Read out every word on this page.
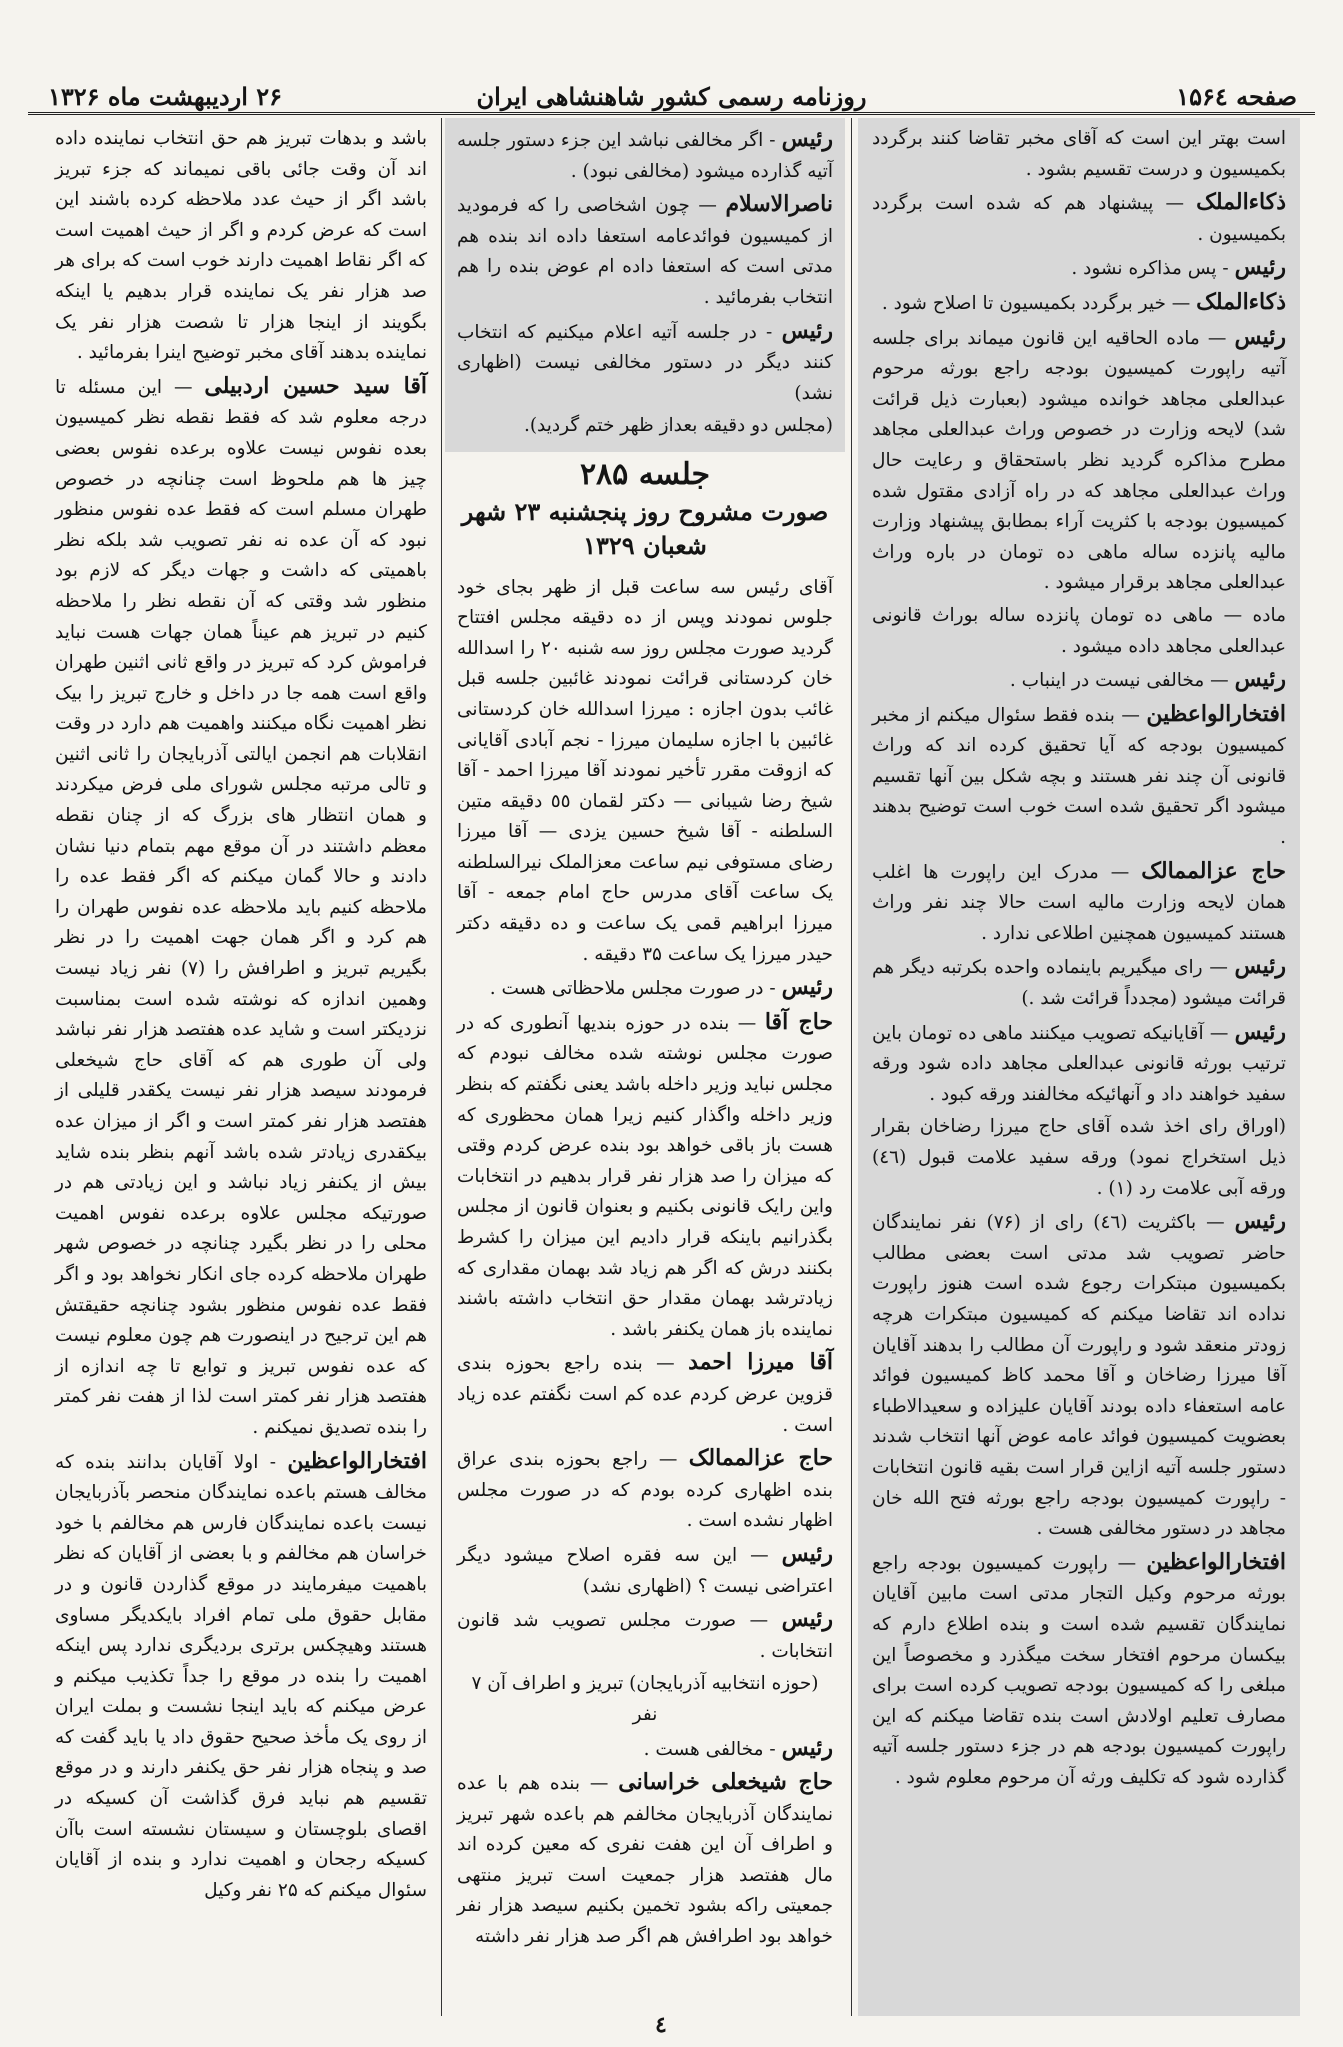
صفحه ۱۵۶٤
روزنامه رسمی کشور شاهنشاهی ایران
۲۶ اردیبهشت ماه ۱۳۲۶

است بهتر این است که آقای مخبر تقاضا کنند برگردد بکمیسیون و درست تقسیم بشود .

ذکاءالملک — پیشنهاد هم که شده است برگردد بکمیسیون .

رئیس - پس مذاکره نشود .

ذکاءالملک — خیر برگردد بکمیسیون تا اصلاح شود .

رئیس — ماده الحاقیه این قانون میماند برای جلسه آتیه راپورت کمیسیون بودجه راجع بورثه مرحوم عبدالعلی مجاهد خوانده میشود (بعبارت ذیل قرائت شد) لایحه وزارت در خصوص وراث عبدالعلی مجاهد مطرح مذاکره گردید نظر باستحقاق و رعایت حال وراث عبدالعلی مجاهد که در راه آزادی مقتول شده کمیسیون بودجه با کثریت آراء بمطابق پیشنهاد وزارت مالیه پانزده ساله ماهی ده تومان در باره وراث عبدالعلی مجاهد برقرار میشود .

ماده — ماهی ده تومان پانزده ساله بوراث قانونی عبدالعلی مجاهد داده میشود .

رئیس — مخالفی نیست در اینباب .

افتخارالواعظین — بنده فقط سئوال میکنم از مخبر کمیسیون بودجه که آیا تحقیق کرده اند که وراث قانونی آن چند نفر هستند و بچه شکل بین آنها تقسیم میشود اگر تحقیق شده است خوب است توضیح بدهند .

حاج عزالممالک — مدرک این راپورت ها اغلب همان لایحه وزارت مالیه است حالا چند نفر وراث هستند کمیسیون همچنین اطلاعی ندارد .

رئیس — رای میگیریم باینماده واحده بکرتبه دیگر هم قرائت میشود (مجدداً قرائت شد .)

رئیس — آقایانیکه تصویب میکنند ماهی ده تومان باین ترتیب بورثه قانونی عبدالعلی مجاهد داده شود ورقه سفید خواهند داد و آنهائیکه مخالفند ورقه کبود .

(اوراق رای اخذ شده آقای حاج میرزا رضاخان بقرار ذیل استخراج نمود) ورقه سفید علامت قبول (٤٦) ورقه آبی علامت رد (۱) .

رئیس — باکثریت (٤٦) رای از (۷۶) نفر نمایندگان حاضر تصویب شد مدتی است بعضی مطالب بکمیسیون مبتکرات رجوع شده است هنوز راپورت نداده اند تقاضا میکنم که کمیسیون مبتکرات هرچه زودتر منعقد شود و راپورت آن مطالب را بدهند آقایان آقا میرزا رضاخان و آقا محمد کاظ کمیسیون فوائد عامه استعفاء داده بودند آقایان علیزاده و سعیدالاطباء بعضویت کمیسیون فوائد عامه عوض آنها انتخاب شدند دستور جلسه آتیه ازاین قرار است بقیه قانون انتخابات - راپورت کمیسیون بودجه راجع بورثه فتح الله خان مجاهد در دستور مخالفی هست .

افتخارالواعظین — راپورت کمیسیون بودجه راجع بورثه مرحوم وکیل التجار مدتی است مابین آقایان نمایندگان تقسیم شده است و بنده اطلاع دارم که بیکسان مرحوم افتخار سخت میگذرد و مخصوصاً این مبلغی را که کمیسیون بودجه تصویب کرده است برای مصارف تعلیم اولادش است بنده تقاضا میکنم که این راپورت کمیسیون بودجه هم در جزء دستور جلسه آتیه گذارده شود که تکلیف ورثه آن مرحوم معلوم شود .

رئیس - اگر مخالفی نباشد این جزء دستور جلسه آتیه گذارده میشود (مخالفی نبود) .

ناصرالاسلام — چون اشخاصی را که فرمودید از کمیسیون فوائدعامه استعفا داده اند بنده هم مدتی است که استعفا داده ام عوض بنده را هم انتخاب بفرمائید .

رئیس - در جلسه آتیه اعلام میکنیم که انتخاب کنند دیگر در دستور مخالفی نیست (اظهاری نشد)

(مجلس دو دقیقه بعداز ظهر ختم گردید).

جلسه ۲۸۵
صورت مشروح روز پنجشنبه ۲۳ شهر شعبان ۱۳۲۹

آقای رئیس سه ساعت قبل از ظهر بجای خود جلوس نمودند وپس از ده دقیقه مجلس افتتاح گردید صورت مجلس روز سه شنبه ۲۰ را اسدالله خان کردستانی قرائت نمودند غائبین جلسه قبل غائب بدون اجازه : میرزا اسدالله خان کردستانی غائبین با اجازه سلیمان میرزا - نجم آبادی آقایانی که ازوقت مقرر تأخیر نمودند آقا میرزا احمد - آقا شیخ رضا شیبانی — دکتر لقمان ٥٥ دقیقه متین السلطنه - آقا شیخ حسین یزدی — آقا میرزا رضای مستوفی نیم ساعت معزالملک نیرالسلطنه یک ساعت آقای مدرس حاج امام جمعه - آقا میرزا ابراهیم قمی یک ساعت و ده دقیقه دکتر حیدر میرزا یک ساعت ۳۵ دقیقه .

رئیس - در صورت مجلس ملاحظاتی هست .

حاج آقا — بنده در حوزه بندیها آنطوری که در صورت مجلس نوشته شده مخالف نبودم که مجلس نباید وزیر داخله باشد یعنی نگفتم که بنظر وزیر داخله واگذار کنیم زیرا همان محظوری که هست باز باقی خواهد بود بنده عرض کردم وقتی که میزان را صد هزار نفر قرار بدهیم در انتخابات واین رایک قانونی بکنیم و بعنوان قانون از مجلس بگذرانیم باینکه قرار دادیم این میزان را کشرط بکنند درش که اگر هم زیاد شد بهمان مقداری که زیادترشد بهمان مقدار حق انتخاب داشته باشند نماینده باز همان یکنفر باشد .

آقا میرزا احمد — بنده راجع بحوزه بندی قزوین عرض کردم عده کم است نگفتم عده زیاد است .

حاج عزالممالک — راجع بحوزه بندی عراق بنده اظهاری کرده بودم که در صورت مجلس اظهار نشده است .

رئیس — این سه فقره اصلاح میشود دیگر اعتراضی نیست ؟ (اظهاری نشد)

رئیس — صورت مجلس تصویب شد قانون انتخابات .

(حوزه انتخابیه آذربایجان) تبریز و اطراف آن ۷ نفر

رئیس - مخالفی هست .

حاج شیخعلی خراسانی — بنده هم با عده نمایندگان آذربایجان مخالفم هم باعده شهر تبریز و اطراف آن این هفت نفری که معین کرده اند مال هفتصد هزار جمعیت است تبریز منتهی جمعیتی راکه بشود تخمین بکنیم سیصد هزار نفر خواهد بود اطرافش هم اگر صد هزار نفر داشته

باشد و بدهات تبریز هم حق انتخاب نماینده داده اند آن وقت جائی باقی نمیماند که جزء تبریز باشد اگر از حیث عدد ملاحظه کرده باشند این است که عرض کردم و اگر از حیث اهمیت است که اگر نقاط اهمیت دارند خوب است که برای هر صد هزار نفر یک نماینده قرار بدهیم یا اینکه بگویند از اینجا هزار تا شصت هزار نفر یک نماینده بدهند آقای مخبر توضیح اینرا بفرمائید .

آقا سید حسین اردبیلی — این مسئله تا درجه معلوم شد که فقط نقطه نظر کمیسیون بعده نفوس نیست علاوه برعده نفوس بعضی چیز ها هم ملحوظ است چنانچه در خصوص طهران مسلم است که فقط عده نفوس منظور نبود که آن عده نه نفر تصویب شد بلکه نظر باهمیتی که داشت و جهات دیگر که لازم بود منظور شد وقتی که آن نقطه نظر را ملاحظه کنیم در تبریز هم عیناً همان جهات هست نباید فراموش کرد که تبریز در واقع ثانی اثنین طهران واقع است همه جا در داخل و خارج تبریز را بیک نظر اهمیت نگاه میکنند واهمیت هم دارد در وقت انقلابات هم انجمن ایالتی آذربایجان را ثانی اثنین و تالی مرتبه مجلس شورای ملی فرض میکردند و همان انتظار های بزرگ که از چنان نقطه معظم داشتند در آن موقع مهم بتمام دنیا نشان دادند و حالا گمان میکنم که اگر فقط عده را ملاحظه کنیم باید ملاحظه عده نفوس طهران را هم کرد و اگر همان جهت اهمیت را در نظر بگیریم تبریز و اطرافش را (۷) نفر زیاد نیست وهمین اندازه که نوشته شده است بمناسبت نزدیکتر است و شاید عده هفتصد هزار نفر نباشد ولی آن طوری هم که آقای حاج شیخعلی فرمودند سیصد هزار نفر نیست یکقدر قلیلی از هفتصد هزار نفر کمتر است و اگر از میزان عده بیکقدری زیادتر شده باشد آنهم بنظر بنده شاید بیش از یکنفر زیاد نباشد و این زیادتی هم در صورتیکه مجلس علاوه برعده نفوس اهمیت محلی را در نظر بگیرد چنانچه در خصوص شهر طهران ملاحظه کرده جای انکار نخواهد بود و اگر فقط عده نفوس منظور بشود چنانچه حقیقتش هم این ترجیح در اینصورت هم چون معلوم نیست که عده نفوس تبریز و توابع تا چه اندازه از هفتصد هزار نفر کمتر است لذا از هفت نفر کمتر را بنده تصدیق نمیکنم .

افتخارالواعظین - اولا آقایان بدانند بنده که مخالف هستم باعده نمایندگان منحصر بآذربایجان نیست باعده نمایندگان فارس هم مخالفم با خود خراسان هم مخالفم و با بعضی از آقایان که نظر باهمیت میفرمایند در موقع گذاردن قانون و در مقابل حقوق ملی تمام افراد بایکدیگر مساوی هستند وهیچکس برتری بردیگری ندارد پس اینکه اهمیت را بنده در موقع را جداً تکذیب میکنم و عرض میکنم که باید اینجا نشست و بملت ایران از روی یک مأخذ صحیح حقوق داد یا باید گفت که صد و پنجاه هزار نفر حق یکنفر دارند و در موقع تقسیم هم نباید فرق گذاشت آن کسیکه در اقصای بلوچستان و سیستان نشسته است باآن کسیکه رجحان و اهمیت ندارد و بنده از آقایان سئوال میکنم که ۲۵ نفر وکیل

٤
